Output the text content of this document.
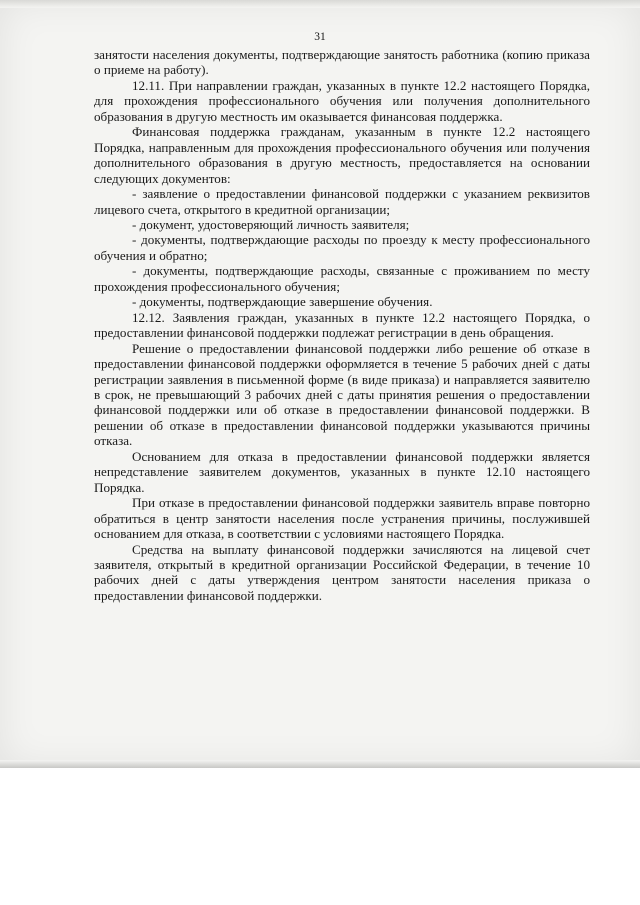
31

занятости населения документы, подтверждающие занятость работника (копию приказа о приеме на работу).

12.11. При направлении граждан, указанных в пункте 12.2 настоящего Порядка, для прохождения профессионального обучения или получения дополнительного образования в другую местность им оказывается финансовая поддержка.

Финансовая поддержка гражданам, указанным в пункте 12.2 настоящего Порядка, направленным для прохождения профессионального обучения или получения дополнительного образования в другую местность, предоставляется на основании следующих документов:

- заявление о предоставлении финансовой поддержки с указанием реквизитов лицевого счета, открытого в кредитной организации;

- документ, удостоверяющий личность заявителя;

- документы, подтверждающие расходы по проезду к месту профессионального обучения и обратно;

- документы, подтверждающие расходы, связанные с проживанием по месту прохождения профессионального обучения;

- документы, подтверждающие завершение обучения.

12.12. Заявления граждан, указанных в пункте 12.2 настоящего Порядка, о предоставлении финансовой поддержки подлежат регистрации в день обращения.

Решение о предоставлении финансовой поддержки либо решение об отказе в предоставлении финансовой поддержки оформляется в течение 5 рабочих дней с даты регистрации заявления в письменной форме (в виде приказа) и направляется заявителю в срок, не превышающий 3 рабочих дней с даты принятия решения о предоставлении финансовой поддержки или об отказе в предоставлении финансовой поддержки. В решении об отказе в предоставлении финансовой поддержки указываются причины отказа.

Основанием для отказа в предоставлении финансовой поддержки является непредставление заявителем документов, указанных в пункте 12.10 настоящего Порядка.

При отказе в предоставлении финансовой поддержки заявитель вправе повторно обратиться в центр занятости населения после устранения причины, послужившей основанием для отказа, в соответствии с условиями настоящего Порядка.

Средства на выплату финансовой поддержки зачисляются на лицевой счет заявителя, открытый в кредитной организации Российской Федерации, в течение 10 рабочих дней с даты утверждения центром занятости населения приказа о предоставлении финансовой поддержки.
